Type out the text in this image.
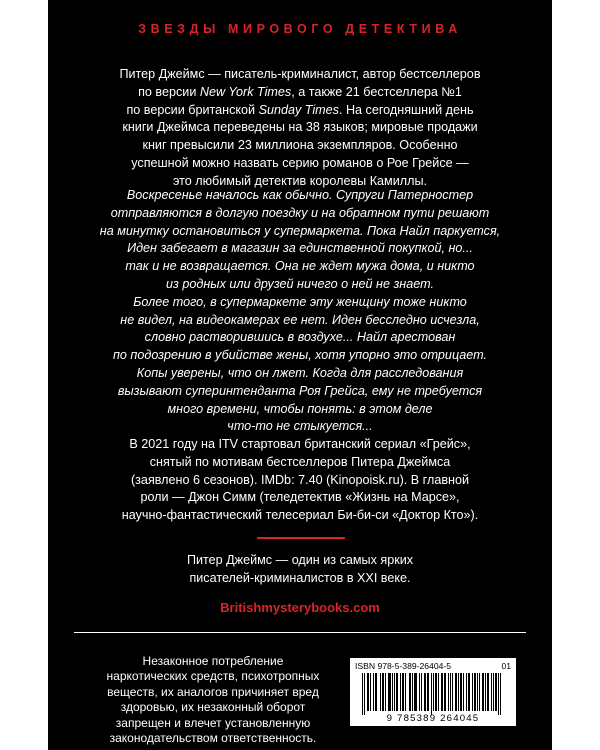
ЗВЕЗДЫ МИРОВОГО ДЕТЕКТИВА
Питер Джеймс — писатель-криминалист, автор бестселлеров
по версии New York Times, а также 21 бестселлера №1
по версии британской Sunday Times. На сегодняшний день
книги Джеймса переведены на 38 языков; мировые продажи
книг превысили 23 миллиона экземпляров. Особенно
успешной можно назвать серию романов о Рое Грейсе —
это любимый детектив королевы Камиллы.
Воскресенье началось как обычно. Супруги Патерностер
отправляются в долгую поездку и на обратном пути решают
на минутку остановиться у супермаркета. Пока Найл паркуется,
Иден забегает в магазин за единственной покупкой, но...
так и не возвращается. Она не ждет мужа дома, и никто
из родных или друзей ничего о ней не знает.
Более того, в супермаркете эту женщину тоже никто
не видел, на видеокамерах ее нет. Иден бесследно исчезла,
словно растворившись в воздухе... Найл арестован
по подозрению в убийстве жены, хотя упорно это отрицает.
Копы уверены, что он лжет. Когда для расследования
вызывают суперинтенданта Роя Грейса, ему не требуется
много времени, чтобы понять: в этом деле
что-то не стыкуется...
В 2021 году на ITV стартовал британский сериал «Грейс»,
снятый по мотивам бестселлеров Питера Джеймса
(заявлено 6 сезонов). IMDb: 7.40 (Kinopoisk.ru). В главной
роли — Джон Симм (теледетектив «Жизнь на Марсе»,
научно-фантастический телесериал Би-би-си «Доктор Кто»).
Питер Джеймс — один из самых ярких
писателей-криминалистов в XXI веке.
Britishmysterybooks.com
Незаконное потребление
наркотических средств, психотропных
веществ, их аналогов причиняет вред
здоровью, их незаконный оборот
запрещен и влечет установленную
законодательством ответственность.
ISBN 978-5-389-26404-5	01
9 785389 264045
